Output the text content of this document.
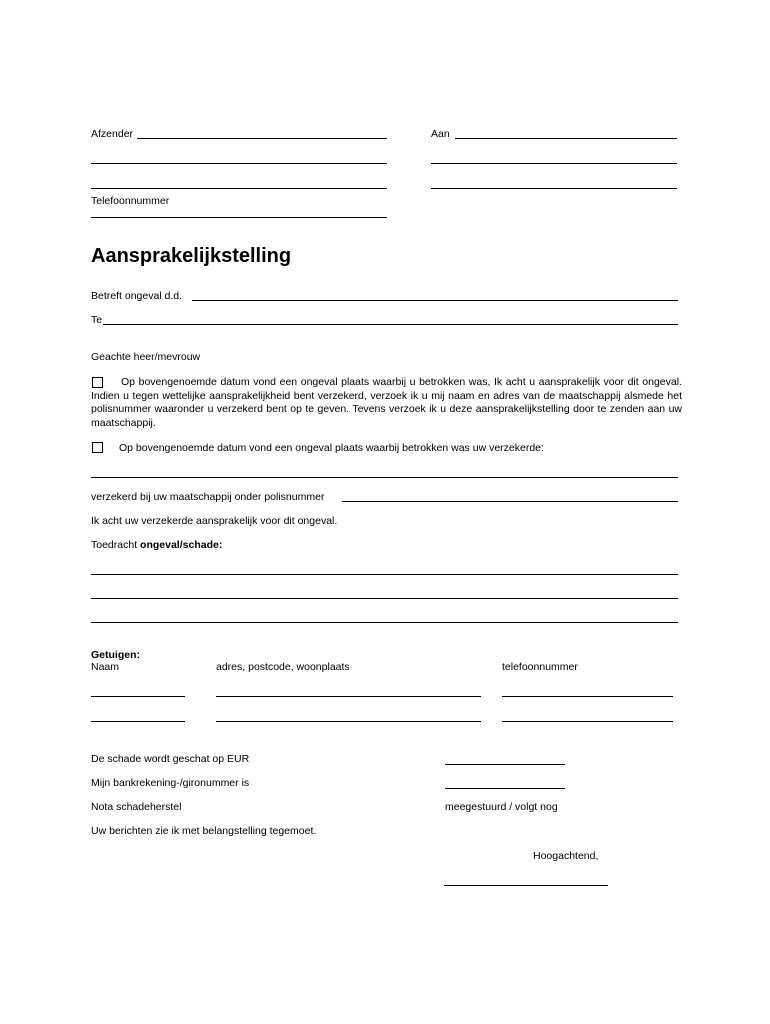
Afzender	Aan
Telefoonnummer
Aansprakelijkstelling
Betreft ongeval d.d.
Te
Geachte heer/mevrouw
Op bovengenoemde datum vond een ongeval plaats waarbij u betrokken was, Ik acht u aansprakelijk voor dit ongeval. Indien u tegen wettelijke aansprakelijkheid bent verzekerd, verzoek ik u mij naam en adres van de maatschappij alsmede het polisnummer waaronder u verzekerd bent op te geven. Tevens verzoek ik u deze aansprakelijkstelling door te zenden aan uw maatschappij.
Op bovengenoemde datum vond een ongeval plaats waarbij betrokken was uw verzekerde:
verzekerd bij uw maatschappij onder polisnummer
Ik acht uw verzekerde aansprakelijk voor dit ongeval.
Toedracht ongeval/schade:
Getuigen:
Naam	adres, postcode, woonplaats	telefoonnummer
De schade wordt geschat op EUR
Mijn bankrekening-/gironummer is
Nota schadeherstel	meegestuurd / volgt nog
Uw berichten zie ik met belangstelling tegemoet.
Hoogachtend,
